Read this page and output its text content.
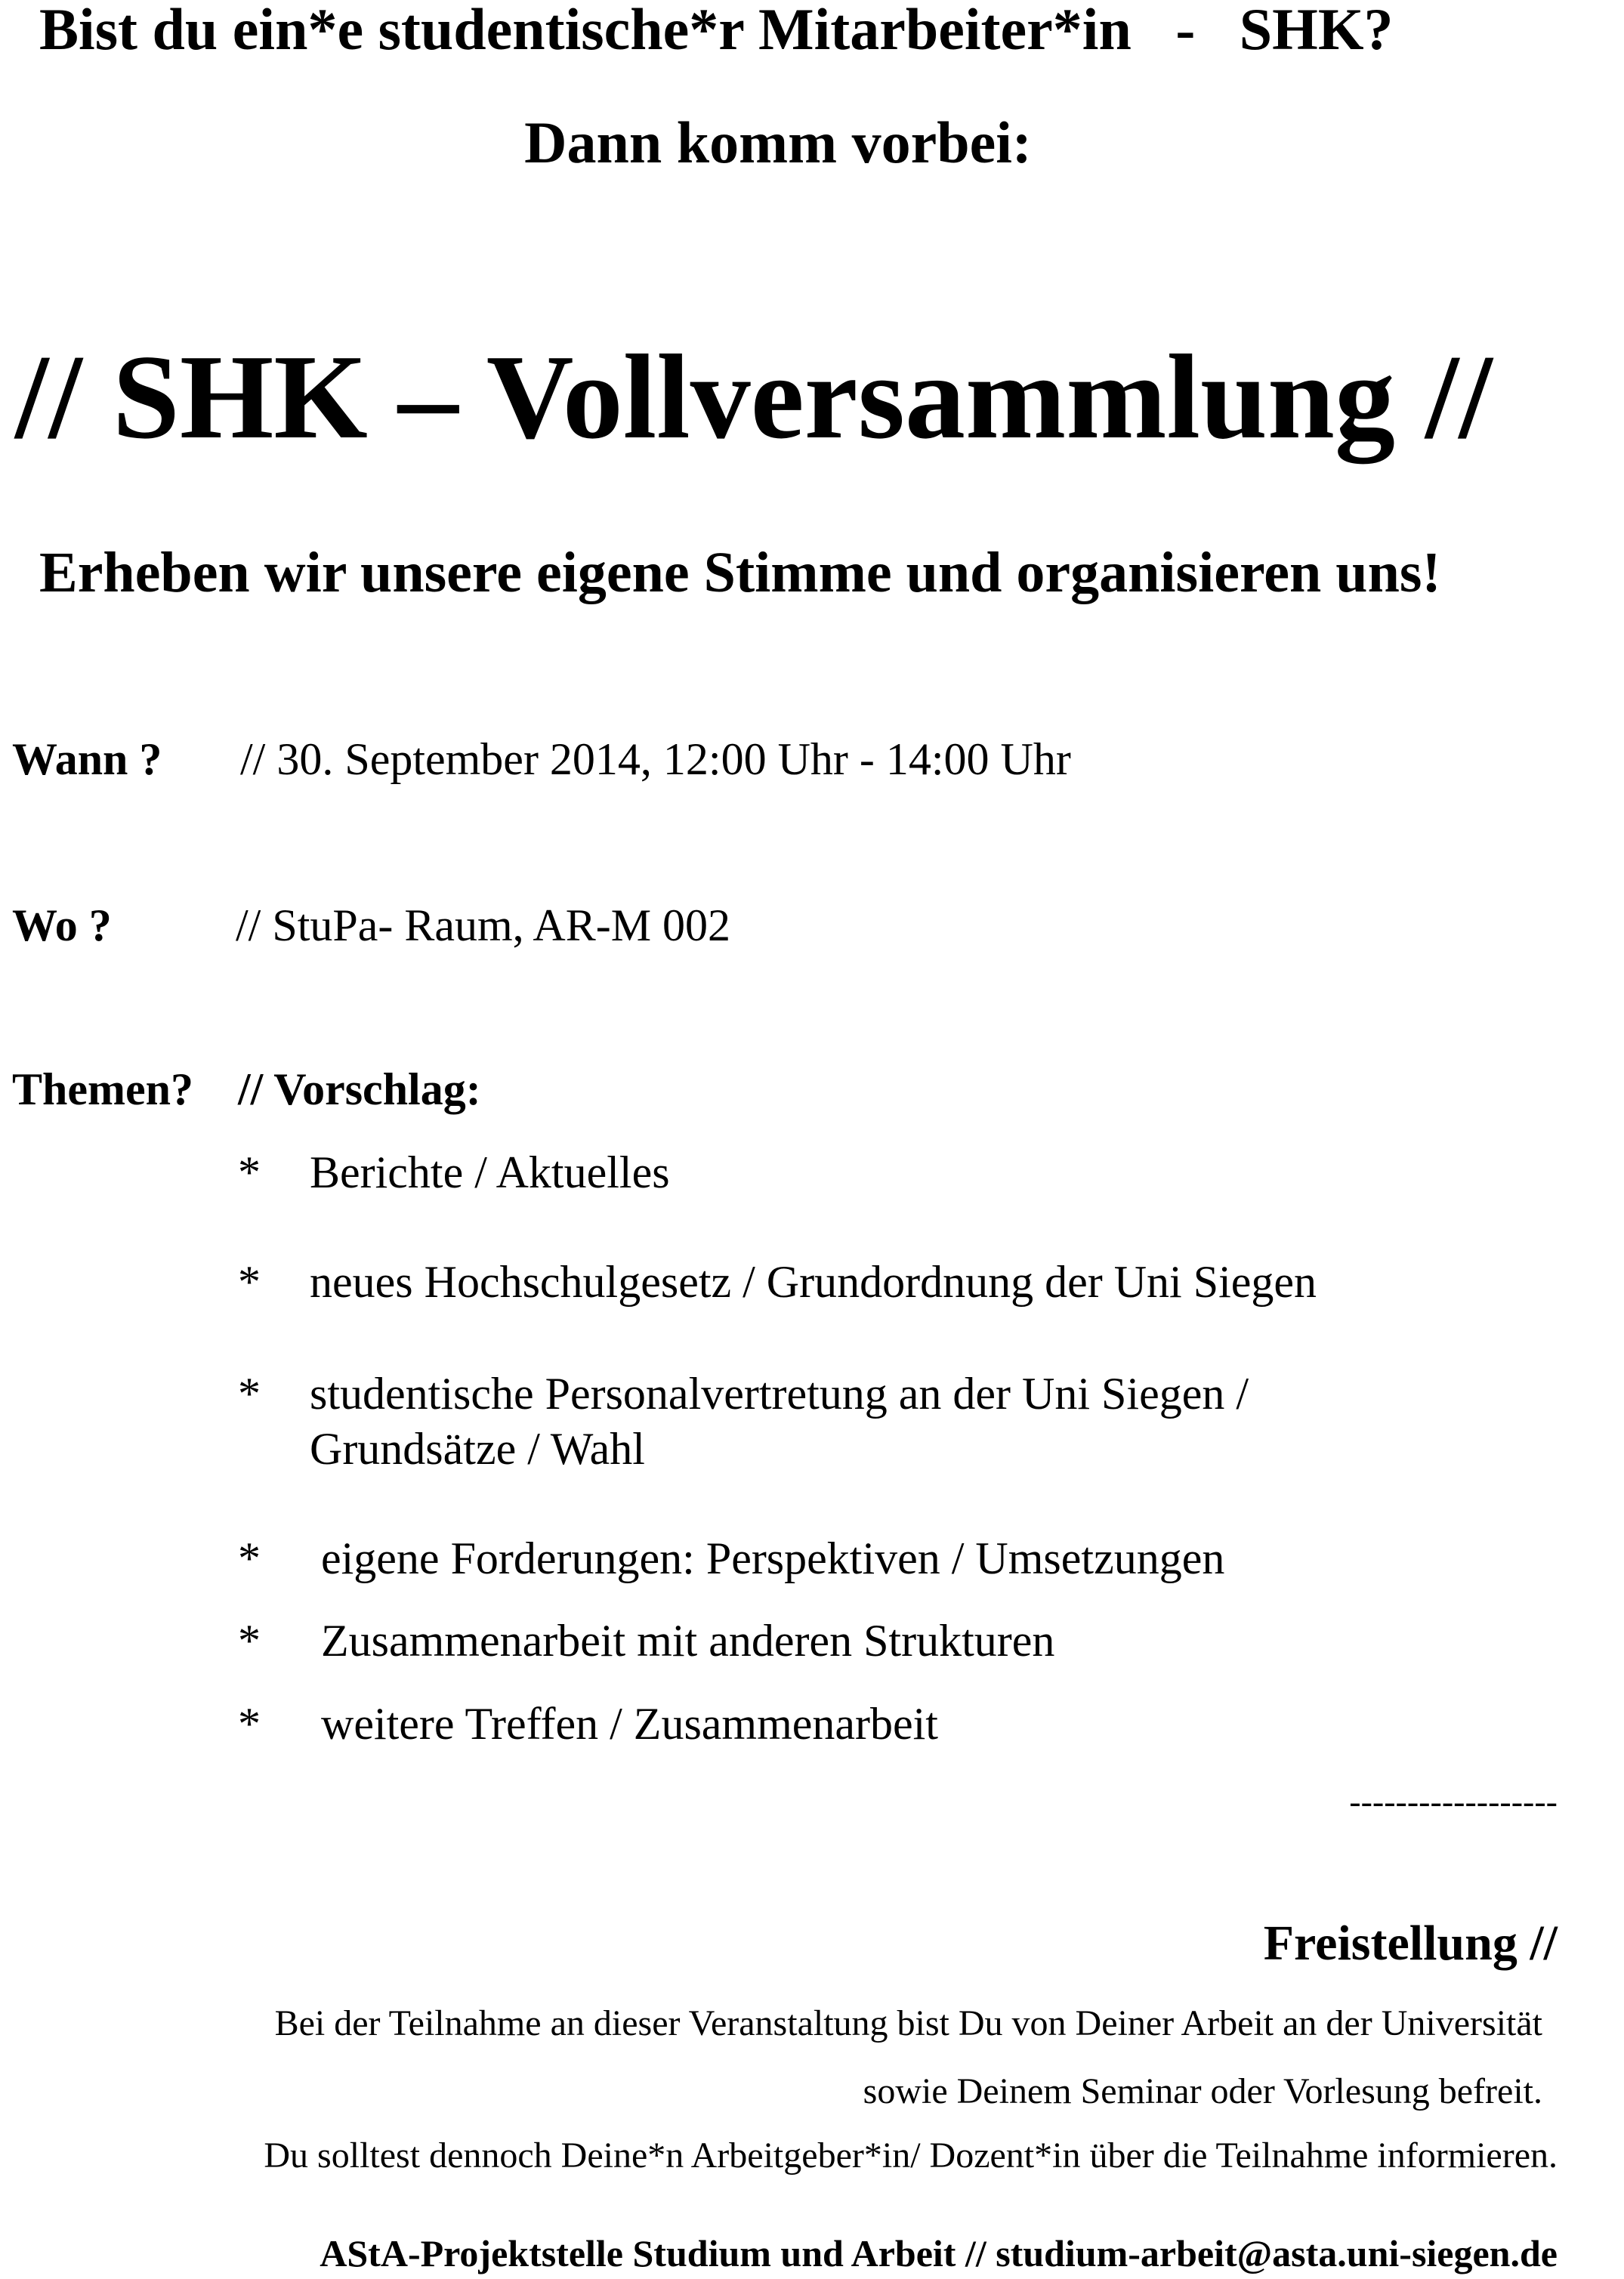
Bist du ein*e studentische*r Mitarbeiter*in   -   SHK?
Dann komm vorbei:
// SHK – Vollversammlung //
Erheben wir unsere eigene Stimme und organisieren uns!
Wann ? // 30. September 2014, 12:00 Uhr - 14:00 Uhr
Wo ?	// StuPa- Raum, AR-M 002
Themen? // Vorschlag:
* Berichte / Aktuelles
* neues Hochschulgesetz / Grundordnung der Uni Siegen
* studentische Personalvertretung an der Uni Siegen /
Grundsätze / Wahl
* eigene Forderungen: Perspektiven / Umsetzungen
* Zusammenarbeit mit anderen Strukturen
* weitere Treffen / Zusammenarbeit
------------------
Freistellung //
Bei der Teilnahme an dieser Veranstaltung bist Du von Deiner Arbeit an der Universität
sowie Deinem Seminar oder Vorlesung befreit.
Du solltest dennoch Deine*n Arbeitgeber*in/ Dozent*in über die Teilnahme informieren.
AStA-Projektstelle Studium und Arbeit // studium-arbeit@asta.uni-siegen.de
